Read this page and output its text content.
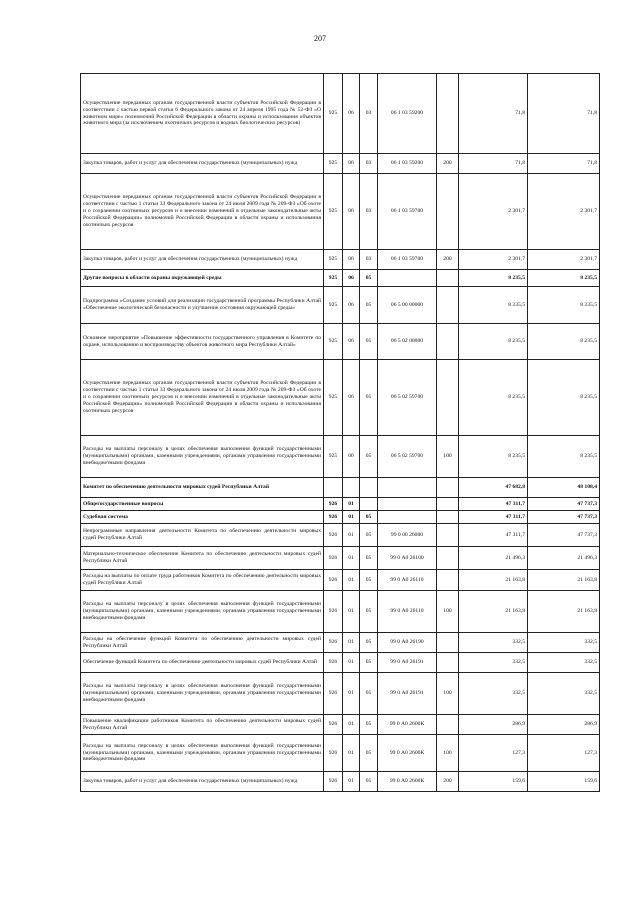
207
Осуществление переданных органам государственной власти субъектов Российской Федерации в соответствии с частью первой статьи 6 Федерального закона от 24 апреля 1995 года № 52-ФЗ «О животном мире» полномочий Российской Федерации в области охраны и использования объектов животного мира (за исключением охотничьих ресурсов и водных биологических ресурсов)	925	06	03	06 1 03 59200		71,8	71,8
Закупка товаров, работ и услуг для обеспечения государственных (муниципальных) нужд	925	06	03	06 1 03 59200	200	71,8	71,8
Осуществление переданных органам государственной власти субъектов Российской Федерации в соответствии с частью 1 статьи 33 Федерального закона от 24 июля 2009 года № 209-ФЗ «Об охоте и о сохранении охотничьих ресурсов и о внесении изменений в отдельные законодательные акты Российской Федерации» полномочий Российской Федерации в области охраны и использования охотничьих ресурсов	925	06	03	06 1 03 59700		2 301,7	2 301,7
Закупка товаров, работ и услуг для обеспечения государственных (муниципальных) нужд	925	06	03	06 1 03 59700	200	2 301,7	2 301,7
Другие вопросы в области охраны окружающей среды	925	06	05			8 235,5	8 235,5
Подпрограмма «Создание условий для реализации государственной программы Республики Алтай «Обеспечение экологической безопасности и улучшение состояния окружающей среды»	925	06	05	06 5 00 00000		8 235,5	8 235,5
Основное мероприятие «Повышение эффективности государственного управления в Комитете по охране, использованию и воспроизводству объектов животного мира Республики Алтай»	925	06	05	06 5 02 00000		8 235,5	8 235,5
Осуществление переданных органам государственной власти субъектов Российской Федерации в соответствии с частью 1 статьи 33 Федерального закона от 24 июля 2009 года № 209-ФЗ «Об охоте и о сохранении охотничьих ресурсов и о внесении изменений в отдельные законодательные акты Российской Федерации» полномочий Российской Федерации в области охраны и использования охотничьих ресурсов	925	06	05	06 5 02 59700		8 235,5	8 235,5
Расходы на выплаты персоналу в целях обеспечения выполнения функций государственными (муниципальными) органами, казенными учреждениями, органами управления государственными внебюджетными фондами	925	06	05	06 5 02 59700	100	8 235,5	8 235,5
Комитет по обеспечению деятельности мировых судей Республики Алтай						47 682,8	48 108,4
Общегосударственные вопросы	926	01				47 311,7	47 737,3
Судебная система	926	01	05			47 311,7	47 737,3
Непрограммные направления деятельности Комитета по обеспечению деятельности мировых судей Республики Алтай	926	01	05	99 0 00 26000		47 311,7	47 737,3
Материально-техническое обеспечение Комитета по обеспечению деятельности мировых судей Республики Алтай	926	01	05	99 0 А0 26100		21 496,3	21 496,3
Расходы на выплаты по оплате труда работников Комитета по обеспечению деятельности мировых судей Республики Алтай	926	01	05	99 0 А0 26110		21 163,8	21 163,8
Расходы на выплаты персоналу в целях обеспечения выполнения функций государственными (муниципальными) органами, казенными учреждениями, органами управления государственными внебюджетными фондами	926	01	05	99 0 А0 26110	100	21 163,8	21 163,8
Расходы на обеспечение функций Комитета по обеспечению деятельности мировых судей Республики Алтай	926	01	05	99 0 А0 26190		332,5	332,5
Обеспечение функций Комитета по обеспечению деятельности мировых судей Республики Алтай	926	01	05	99 0 А0 26191		332,5	332,5
Расходы на выплаты персоналу в целях обеспечения выполнения функций государственными (муниципальными) органами, казенными учреждениями, органами управления государственными внебюджетными фондами	926	01	05	99 0 А0 26191	100	332,5	332,5
Повышение квалификации работников Комитета по обеспечению деятельности мировых судей Республики Алтай	926	01	05	99 0 А0 2600К		286,9	286,9
Расходы на выплаты персоналу в целях обеспечения выполнения функций государственными (муниципальными) органами, казенными учреждениями, органами управления государственными внебюджетными фондами	926	01	05	99 0 А0 2600К	100	127,3	127,3
Закупка товаров, работ и услуг для обеспечения государственных (муниципальных) нужд	926	01	05	99 0 А0 2600К	200	159,6	159,6
